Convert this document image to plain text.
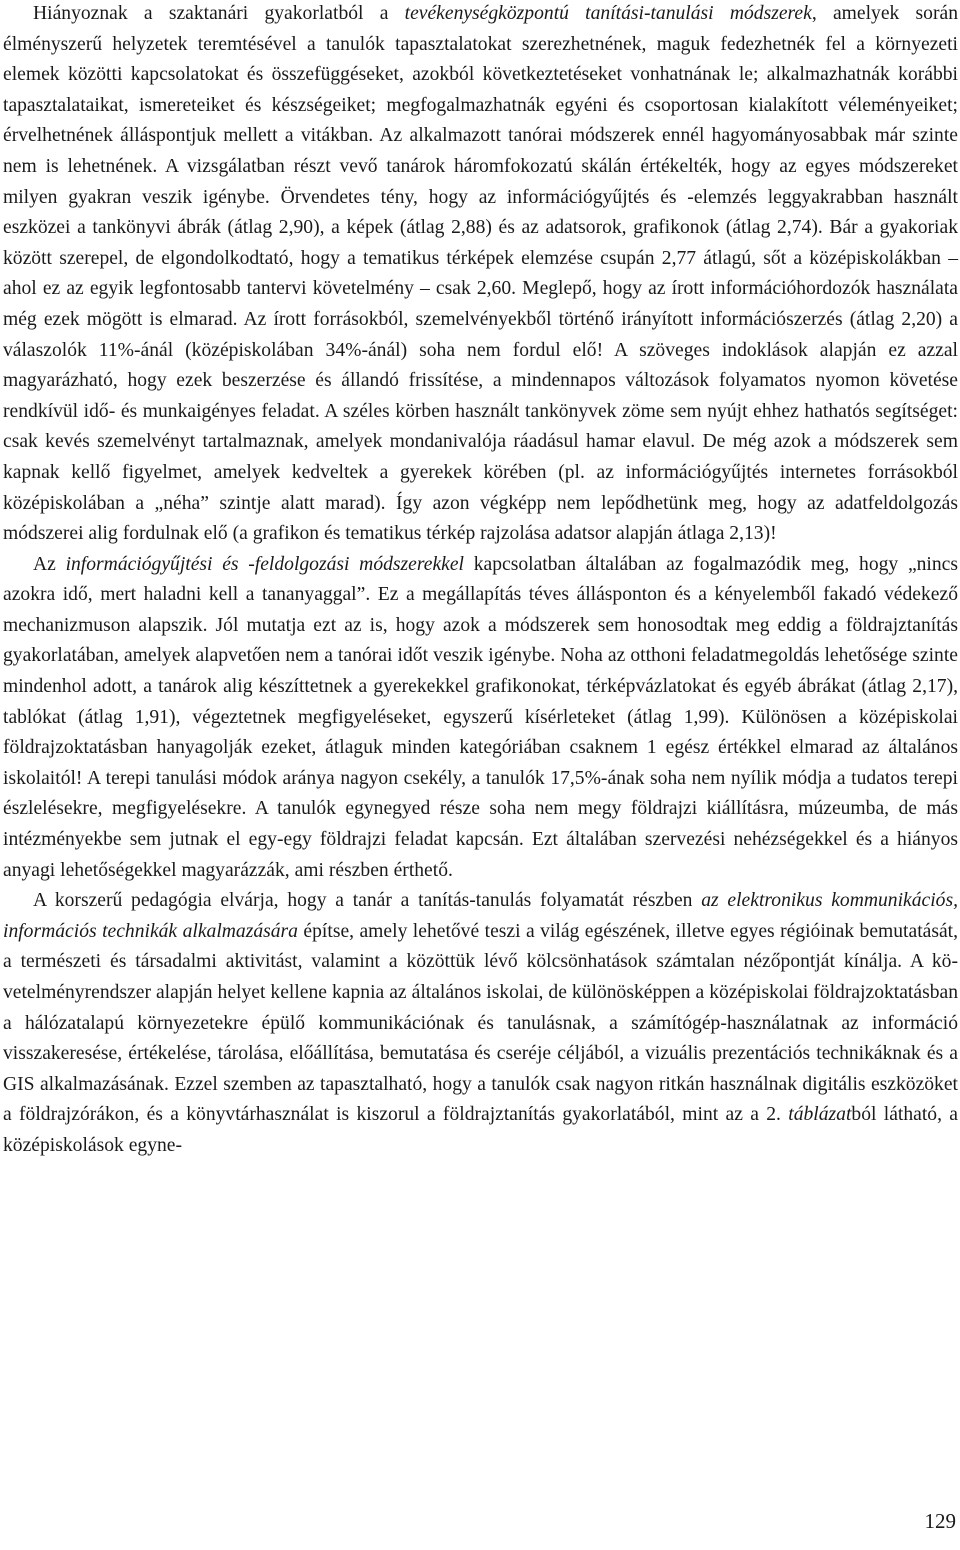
Hiányoznak a szaktanári gyakorlatból a tevékenységközpontú tanítási-tanulási módszerek, amelyek során élményszerű helyzetek teremtésével a tanulók tapasztalatokat szerezhetnének, maguk fedezhetnék fel a környezeti elemek közötti kapcsolatokat és összefüggéseket, azokból következtetéseket vonhatnának le; alkalmazhatnák korábbi tapasztalataikat, ismereteiket és készségeiket; megfogalmazhatnák egyéni és csoportosan kialakított véleményeiket; érvelhetnének álláspontjuk mellett a vitákban. Az alkalmazott tanórai módszerek ennél hagyományosabbak már szinte nem is lehetnének. A vizsgálatban részt vevő tanárok háromfokozatú skálán értékelték, hogy az egyes módszereket milyen gyakran veszik igénybe. Örvendetes tény, hogy az információgyűjtés és -elemzés leggyakrabban használt eszközei a tankönyvi ábrák (átlag 2,90), a képek (átlag 2,88) és az adatsorok, grafikonok (átlag 2,74). Bár a gyakoriak között szerepel, de elgondolkodtató, hogy a tematikus térképek elemzése csupán 2,77 átlagú, sőt a középiskolákban – ahol ez az egyik legfontosabb tantervi követelmény – csak 2,60. Meglepő, hogy az írott információhordozók használata még ezek mögött is elmarad. Az írott forrásokból, szemelvényekből történő irányított információszerzés (átlag 2,20) a válaszolók 11%-ánál (középiskolában 34%-ánál) soha nem fordul elő! A szöveges indoklások alapján ez azzal magyarázható, hogy ezek beszerzése és állandó frissítése, a mindennapos változások folyamatos nyomon követése rendkívül idő- és munkaigényes feladat. A széles körben használt tankönyvek zöme sem nyújt ehhez hathatós segítséget: csak kevés szemelvényt tartalmaznak, amelyek mondanivalója ráadásul hamar elavul. De még azok a módszerek sem kapnak kellő figyelmet, amelyek kedveltek a gyerekek körében (pl. az információgyűjtés internetes forrásokból középiskolában a „néha” szintje alatt marad). Így azon végképp nem lepődhetünk meg, hogy az adatfeldolgozás módszerei alig fordulnak elő (a grafikon és tematikus térkép rajzolása adatsor alapján átlaga 2,13)!

Az információgyűjtési és -feldolgozási módszerekkel kapcsolatban általában az fogalmazódik meg, hogy „nincs azokra idő, mert haladni kell a tananyaggal”. Ez a megállapítás téves állásponton és a kényelemből fakadó védekező mechanizmuson alapszik. Jól mutatja ezt az is, hogy azok a módszerek sem honosodtak meg eddig a földrajztanítás gyakorlatában, amelyek alapvetően nem a tanórai időt veszik igénybe. Noha az otthoni feladatmegoldás lehetősége szinte mindenhol adott, a tanárok alig készíttetnek a gyerekekkel grafikonokat, térképvázlatokat és egyéb ábrákat (átlag 2,17), tablókat (átlag 1,91), végeztetnek megfigyeléseket, egyszerű kísérleteket (átlag 1,99). Különösen a középiskolai földrajzoktatásban hanyagolják ezeket, átlaguk minden kategóriában csaknem 1 egész értékkel elmarad az általános iskolaitól! A terepi tanulási módok aránya nagyon csekély, a tanulók 17,5%-ának soha nem nyílik módja a tudatos terepi észlelésekre, megfigyelésekre. A tanulók egynegyed része soha nem megy földrajzi kiállításra, múzeumba, de más intézményekbe sem jutnak el egy-egy földrajzi feladat kapcsán. Ezt általában szervezési nehézségekkel és a hiányos anyagi lehetőségekkel magyarázzák, ami részben érthető.

A korszerű pedagógia elvárja, hogy a tanár a tanítás-tanulás folyamatát részben az elektronikus kommunikációs, információs technikák alkalmazására építse, amely lehetővé teszi a világ egészének, illetve egyes régióinak bemutatását, a természeti és társadalmi aktivitást, valamint a közöttük lévő kölcsönhatások számtalan nézőpontját kínálja. A követelményrendszer alapján helyet kellene kapnia az általános iskolai, de különösképpen a középiskolai földrajzoktatásban a hálózatalapú környezetekre épülő kommunikációnak és tanulásnak, a számítógép-használatnak az információ visszakeresése, értékelése, tárolása, előállítása, bemutatása és cseréje céljából, a vizuális prezentációs technikáknak és a GIS alkalmazásának. Ezzel szemben az tapasztalható, hogy a tanulók csak nagyon ritkán használnak digitális eszközöket a földrajzórákon, és a könyvtárhasználat is kiszorul a földrajztanítás gyakorlatából, mint az a 2. táblázatból látható, a középiskolások egyne-

129
